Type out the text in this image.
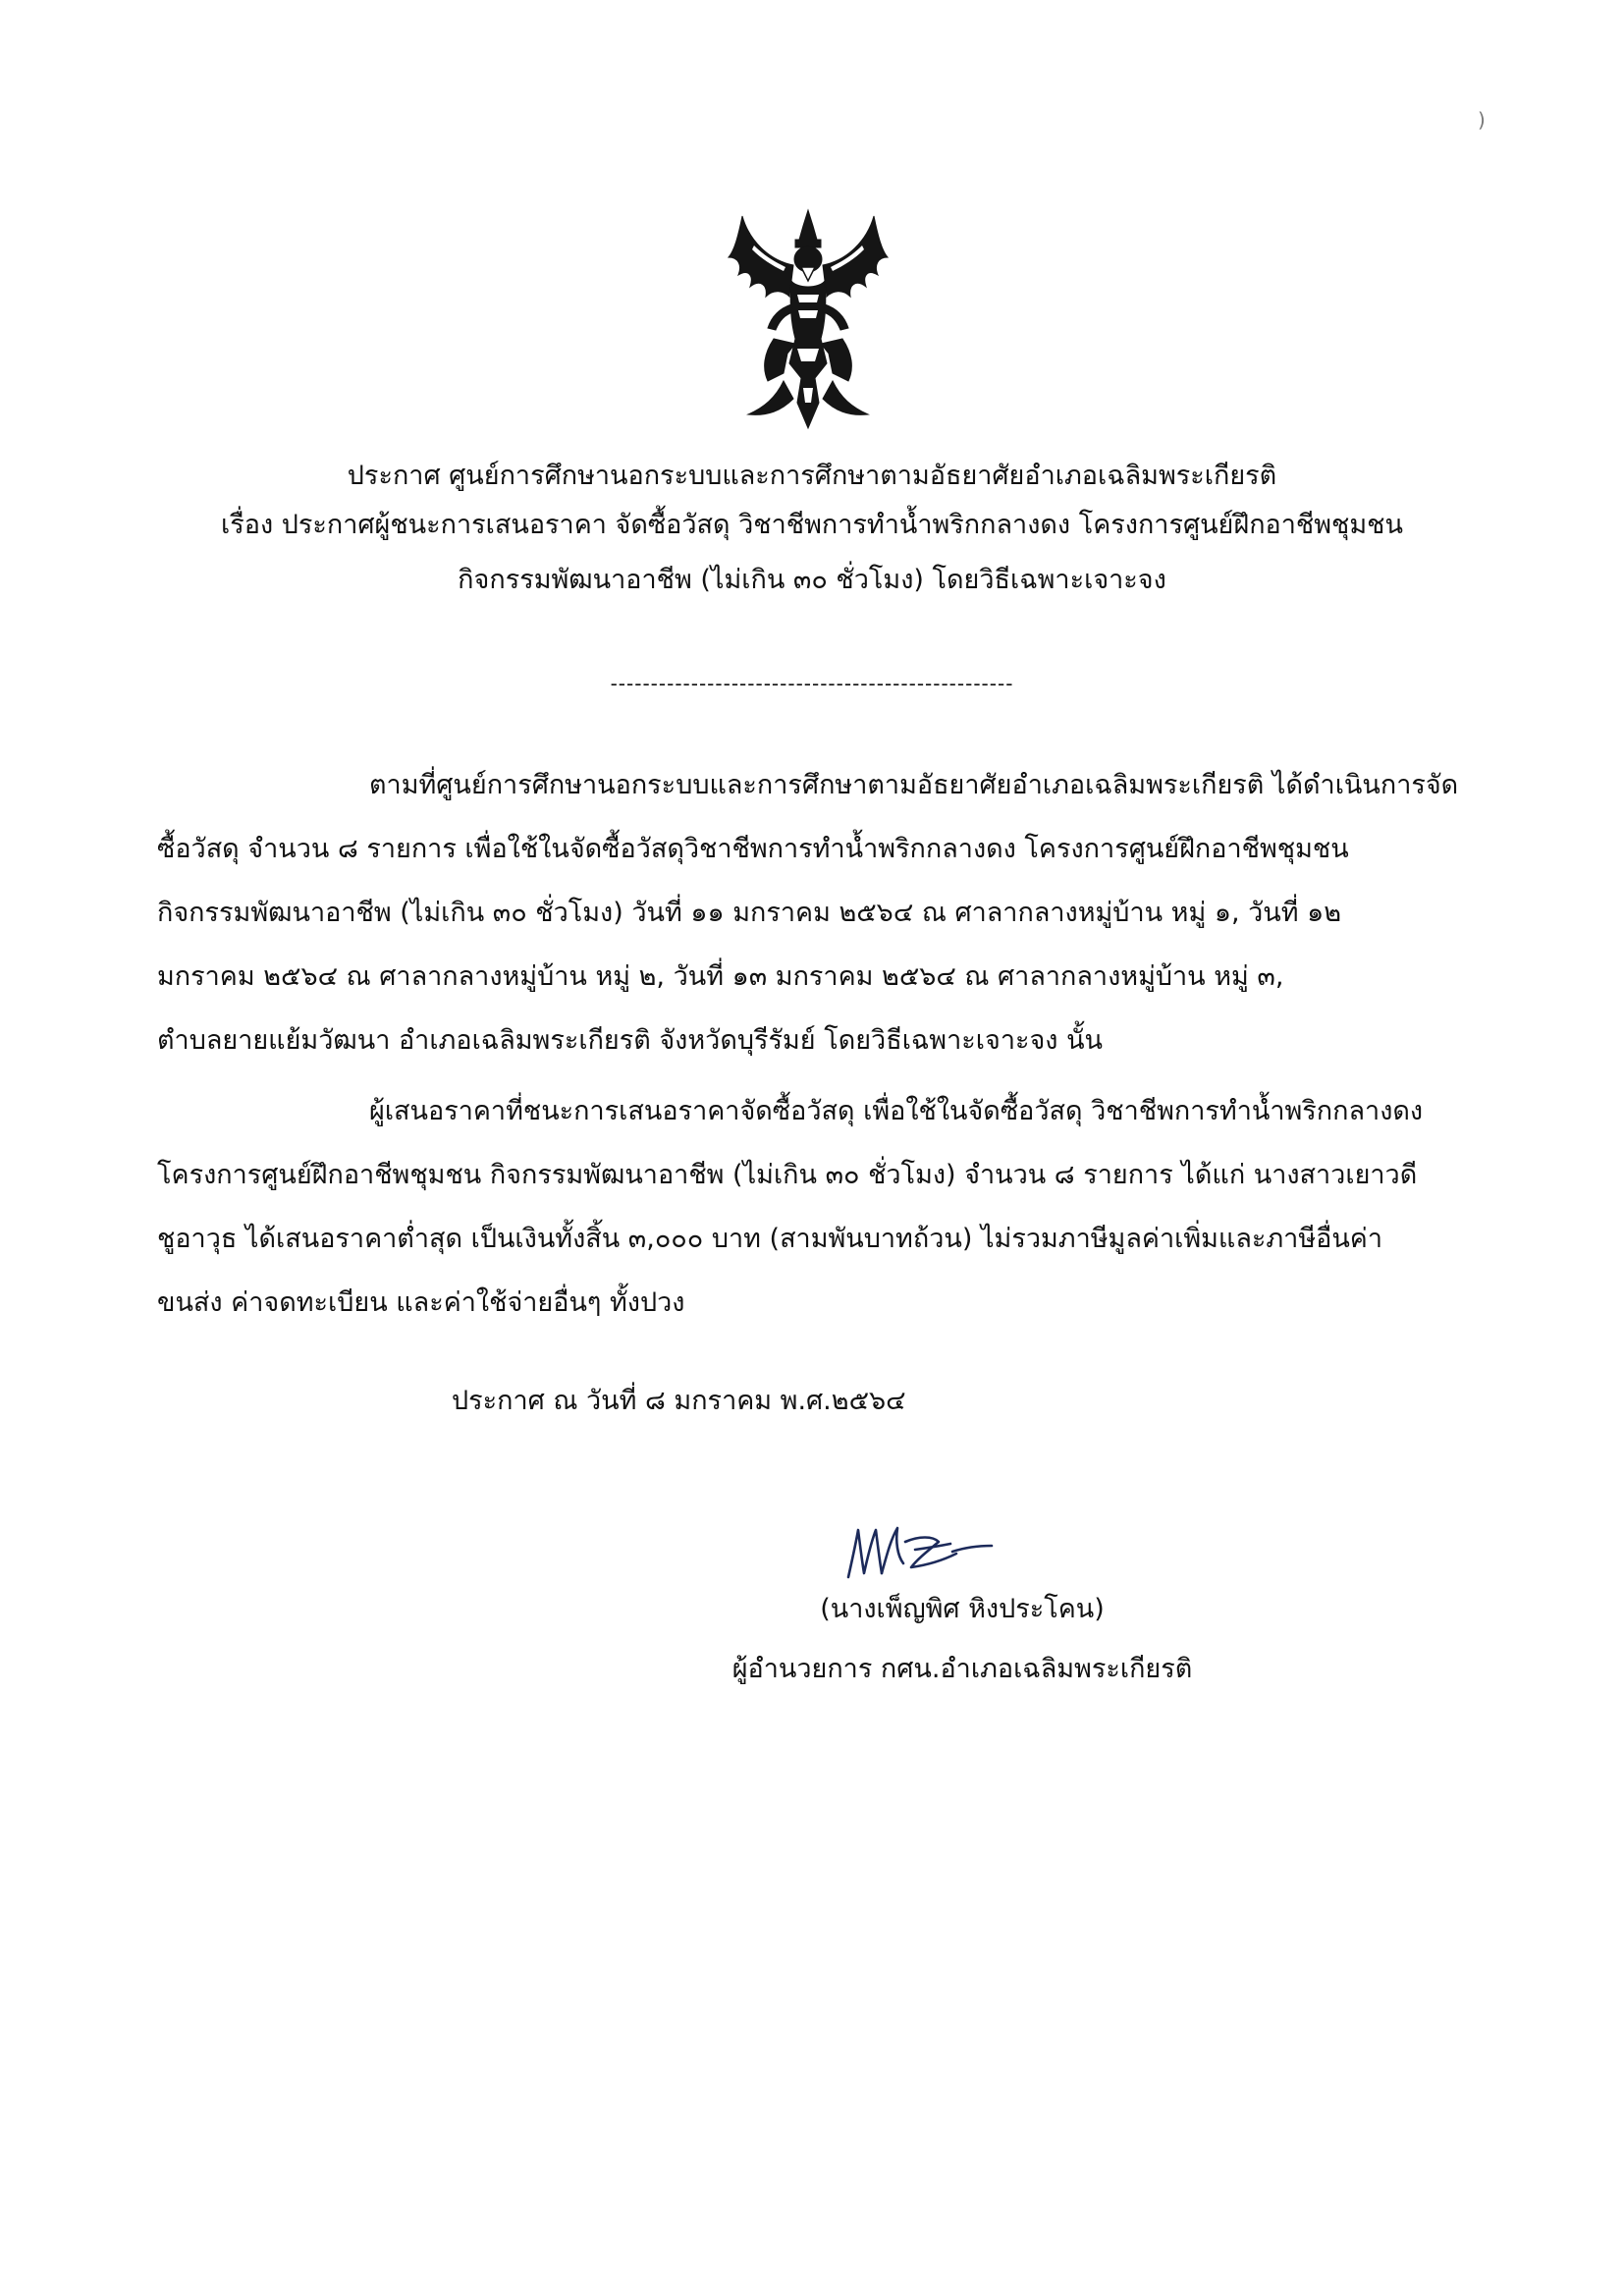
ประกาศ ศูนย์การศึกษานอกระบบและการศึกษาตามอัธยาศัยอำเภอเฉลิมพระเกียรติ
เรื่อง ประกาศผู้ชนะการเสนอราคา จัดซื้อวัสดุ วิชาชีพการทำน้ำพริกกลางดง โครงการศูนย์ฝึกอาชีพชุมชน
กิจกรรมพัฒนาอาชีพ (ไม่เกิน ๓๐ ชั่วโมง) โดยวิธีเฉพาะเจาะจง
--------------------------------------------------
ตามที่ศูนย์การศึกษานอกระบบและการศึกษาตามอัธยาศัยอำเภอเฉลิมพระเกียรติ ได้ดำเนินการจัด
ซื้อวัสดุ จำนวน ๘ รายการ เพื่อใช้ในจัดซื้อวัสดุวิชาชีพการทำน้ำพริกกลางดง โครงการศูนย์ฝึกอาชีพชุมชน
กิจกรรมพัฒนาอาชีพ (ไม่เกิน ๓๐ ชั่วโมง) วันที่ ๑๑ มกราคม ๒๕๖๔ ณ ศาลากลางหมู่บ้าน หมู่ ๑, วันที่ ๑๒
มกราคม ๒๕๖๔ ณ ศาลากลางหมู่บ้าน หมู่ ๒, วันที่ ๑๓ มกราคม ๒๕๖๔ ณ ศาลากลางหมู่บ้าน หมู่ ๓,
ตำบลยายแย้มวัฒนา อำเภอเฉลิมพระเกียรติ จังหวัดบุรีรัมย์ โดยวิธีเฉพาะเจาะจง นั้น
ผู้เสนอราคาที่ชนะการเสนอราคาจัดซื้อวัสดุ เพื่อใช้ในจัดซื้อวัสดุ วิชาชีพการทำน้ำพริกกลางดง
โครงการศูนย์ฝึกอาชีพชุมชน กิจกรรมพัฒนาอาชีพ (ไม่เกิน ๓๐ ชั่วโมง) จำนวน ๘ รายการ ได้แก่ นางสาวเยาวดี
ชูอาวุธ ได้เสนอราคาต่ำสุด เป็นเงินทั้งสิ้น ๓,๐๐๐ บาท (สามพันบาทถ้วน) ไม่รวมภาษีมูลค่าเพิ่มและภาษีอื่นค่า
ขนส่ง ค่าจดทะเบียน และค่าใช้จ่ายอื่นๆ ทั้งปวง
ประกาศ ณ วันที่ ๘ มกราคม พ.ศ.๒๕๖๔
(นางเพ็ญพิศ หิงประโคน)
ผู้อำนวยการ กศน.อำเภอเฉลิมพระเกียรติ
)
